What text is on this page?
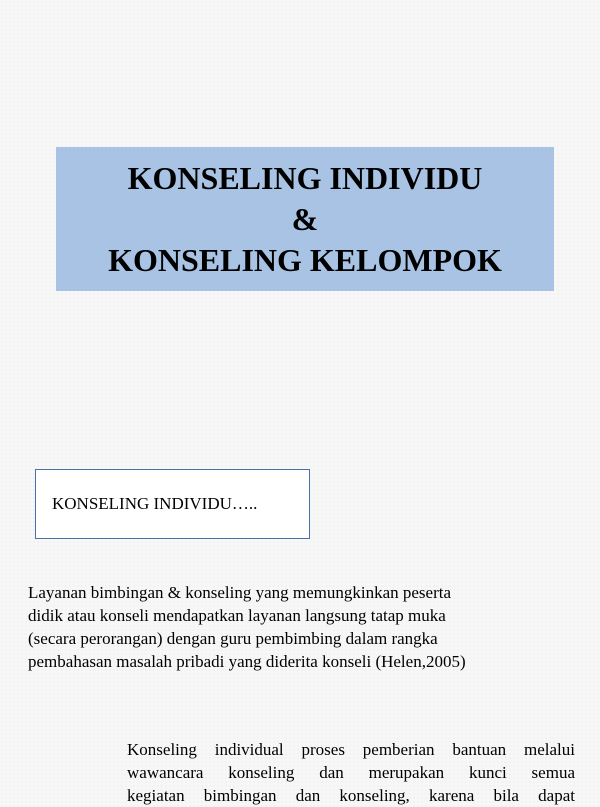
KONSELING INDIVIDU
&
KONSELING KELOMPOK
KONSELING INDIVIDU…..
Layanan bimbingan & konseling yang memungkinkan peserta
didik atau konseli mendapatkan layanan langsung tatap muka
(secara perorangan) dengan guru pembimbing dalam rangka
pembahasan masalah pribadi yang diderita konseli (Helen,2005)
Konseling individual proses pemberian bantuan melalui
wawancara konseling dan merupakan kunci semua
kegiatan bimbingan dan konseling, karena bila dapat
